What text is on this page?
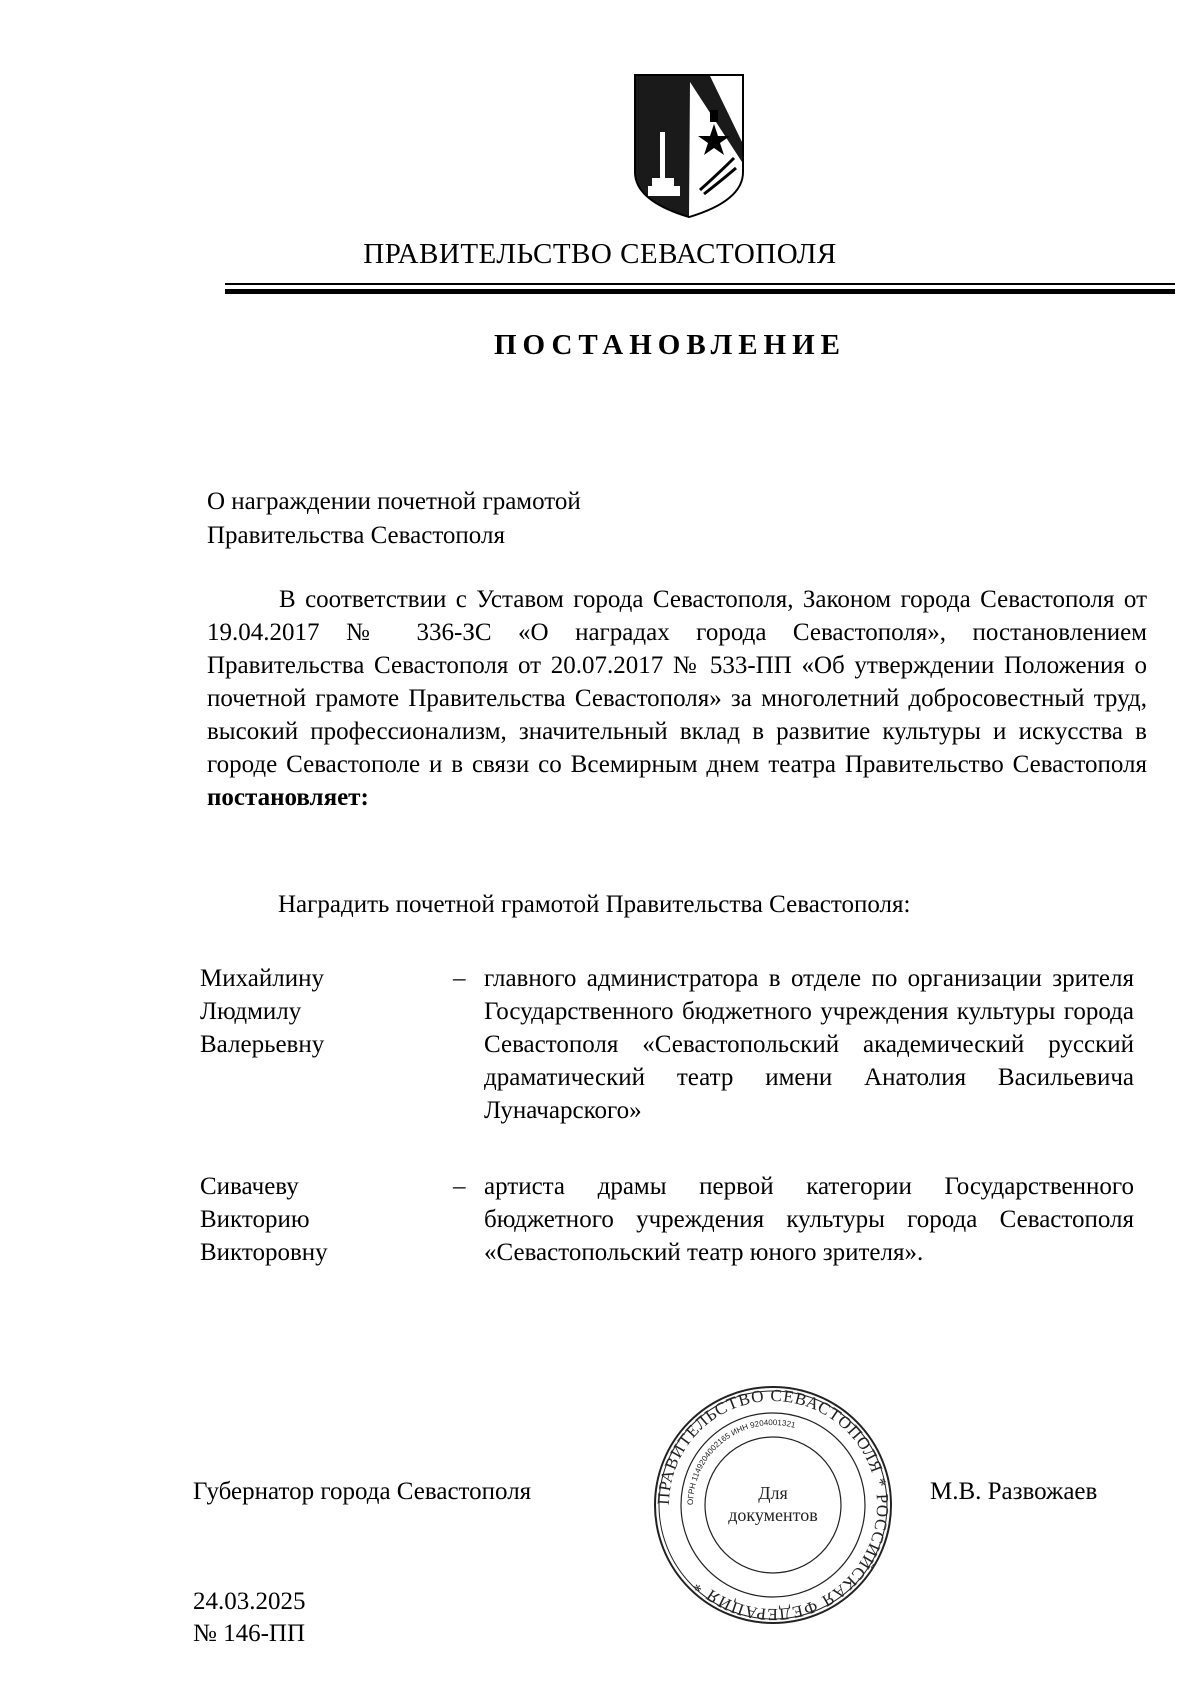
ПРАВИТЕЛЬСТВО СЕВАСТОПОЛЯ
ПОСТАНОВЛЕНИЕ
О награждении почетной грамотой
Правительства Севастополя
В соответствии с Уставом города Севастополя, Законом города Севастополя от 19.04.2017 № 336-ЗС «О наградах города Севастополя», постановлением Правительства Севастополя от 20.07.2017 № 533-ПП «Об утверждении Положения о почетной грамоте Правительства Севастополя» за многолетний добросовестный труд, высокий профессионализм, значительный вклад в развитие культуры и искусства в городе Севастополе и в связи со Всемирным днем театра Правительство Севастополя постановляет:
Наградить почетной грамотой Правительства Севастополя:
Михайлину
Людмилу
Валерьевну
– главного администратора в отделе по организации зрителя Государственного бюджетного учреждения культуры города Севастополя «Севастопольский академический русский драматический театр имени Анатолия Васильевича Луначарского»
Сивачеву
Викторию
Викторовну
– артиста драмы первой категории Государственного бюджетного учреждения культуры города Севастополя «Севастопольский театр юного зрителя».
Губернатор города Севастополя	М.В. Развожаев
ПРАВИТЕЛЬСТВО СЕВАСТОПОЛЯ * РОССИЙСКАЯ ФЕДЕРАЦИЯ *
ОГРН 1149204002165 ИНН 9204001321
Для
документов
24.03.2025
№ 146-ПП
